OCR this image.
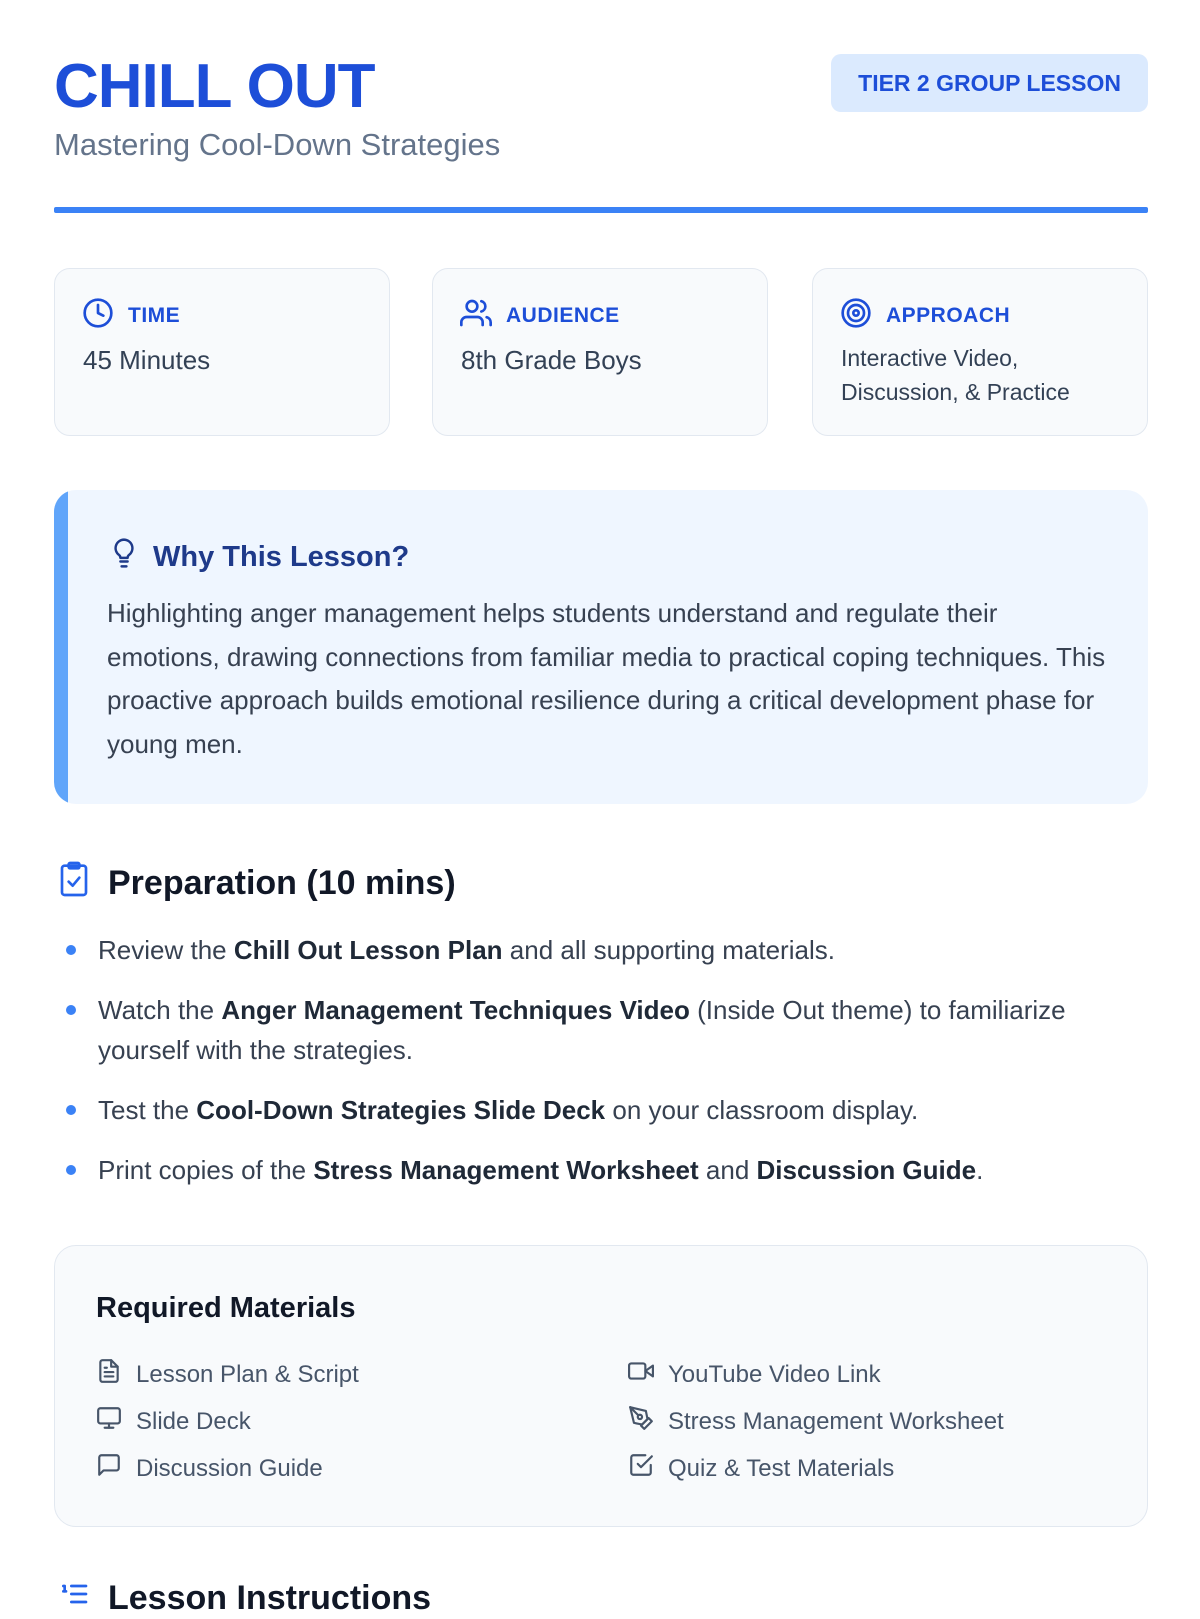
CHILL OUT
Mastering Cool-Down Strategies
TIER 2 GROUP LESSON
TIME
45 Minutes
AUDIENCE
8th Grade Boys
APPROACH
Interactive Video,
Discussion, & Practice
Why This Lesson?

Highlighting anger management helps students understand and regulate their emotions, drawing connections from familiar media to practical coping techniques. This proactive approach builds emotional resilience during a critical development phase for young men.

Preparation (10 mins)
Review the Chill Out Lesson Plan and all supporting materials.
Watch the Anger Management Techniques Video (Inside Out theme) to familiarize yourself with the strategies.
Test the Cool-Down Strategies Slide Deck on your classroom display.
Print copies of the Stress Management Worksheet and Discussion Guide.
Required Materials
Lesson Plan & Script	YouTube Video Link
Slide Deck	Stress Management Worksheet
Discussion Guide	Quiz & Test Materials
Lesson Instructions
